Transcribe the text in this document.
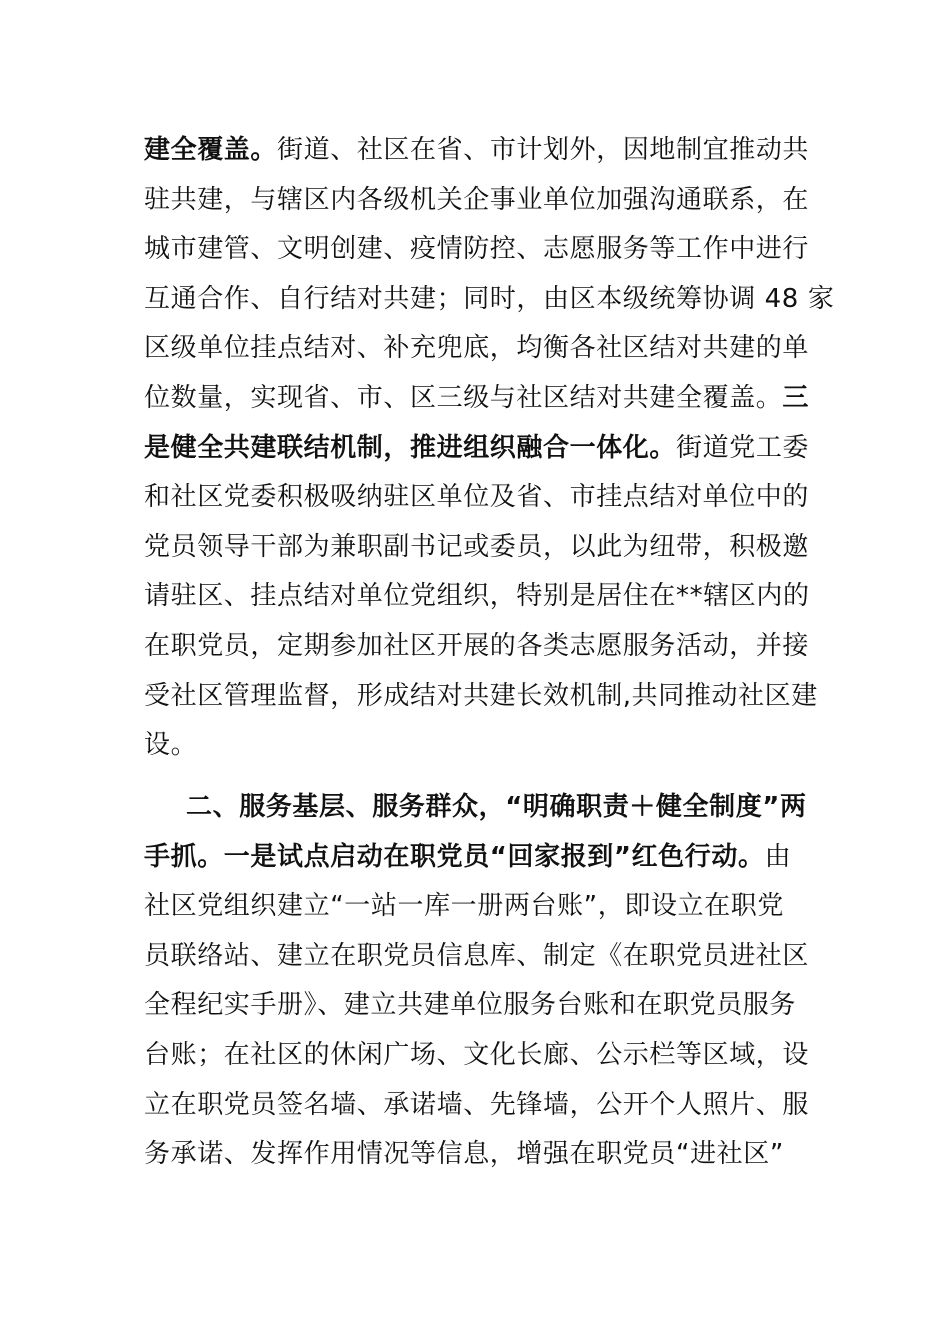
建全覆盖。街道、社区在省、市计划外，因地制宜推动共
驻共建，与辖区内各级机关企事业单位加强沟通联系，在
城市建管、文明创建、疫情防控、志愿服务等工作中进行
互通合作、自行结对共建；同时，由区本级统筹协调 48 家
区级单位挂点结对、补充兜底，均衡各社区结对共建的单
位数量，实现省、市、区三级与社区结对共建全覆盖。三
是健全共建联结机制，推进组织融合一体化。街道党工委
和社区党委积极吸纳驻区单位及省、市挂点结对单位中的
党员领导干部为兼职副书记或委员，以此为纽带，积极邀
请驻区、挂点结对单位党组织，特别是居住在**辖区内的
在职党员，定期参加社区开展的各类志愿服务活动，并接
受社区管理监督，形成结对共建长效机制,共同推动社区建
设。
二、服务基层、服务群众，“明确职责＋健全制度”两
手抓。一是试点启动在职党员“回家报到”红色行动。由
社区党组织建立“一站一库一册两台账”，即设立在职党
员联络站、建立在职党员信息库、制定《在职党员进社区
全程纪实手册》、建立共建单位服务台账和在职党员服务
台账；在社区的休闲广场、文化长廊、公示栏等区域，设
立在职党员签名墙、承诺墙、先锋墙，公开个人照片、服
务承诺、发挥作用情况等信息，增强在职党员“进社区”
